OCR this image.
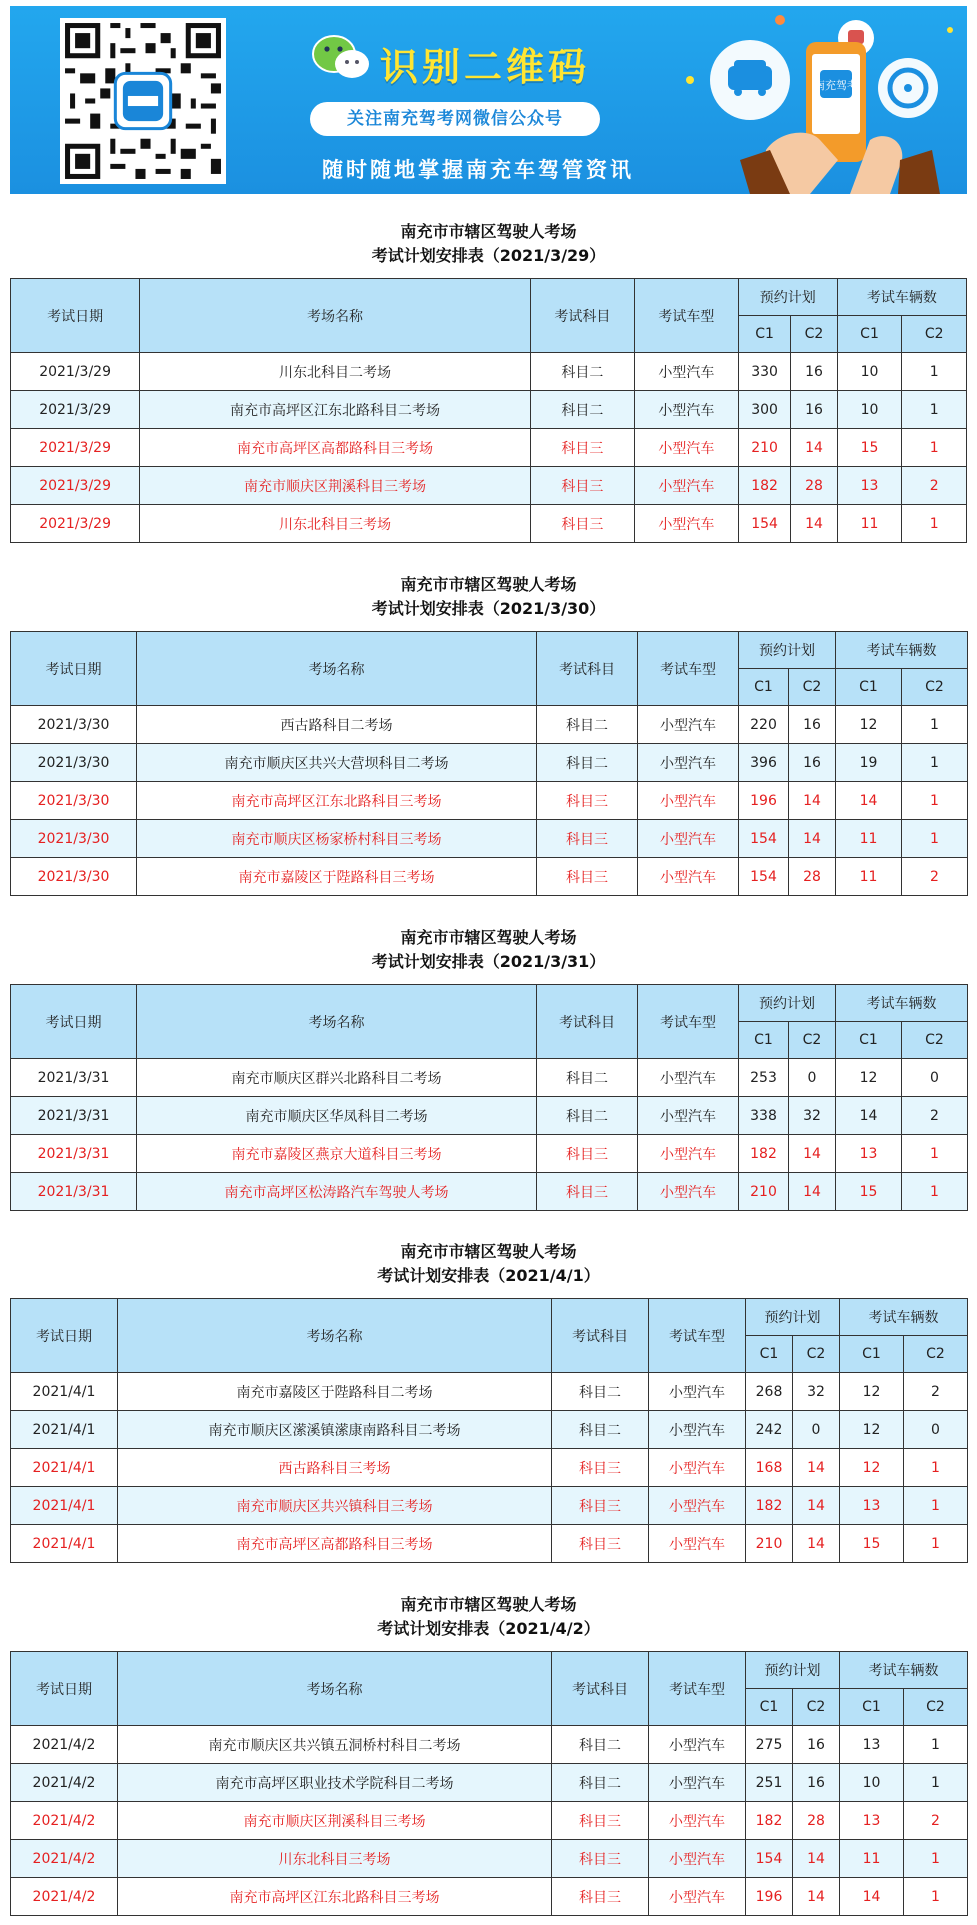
识别二维码
关注南充驾考网微信公众号
随时随地掌握南充车驾管资讯
南充驾考
南充市市辖区驾驶人考场
考试计划安排表（2021/3/29）
考试日期	考场名称	考试科目	考试车型	预约计划		考试车辆数	
				C1	C2	C1	C2
2021/3/29	川东北科目二考场	科目二	小型汽车	330	16	10	1
2021/3/29	南充市高坪区江东北路科目二考场	科目二	小型汽车	300	16	10	1
2021/3/29	南充市高坪区高都路科目三考场	科目三	小型汽车	210	14	15	1
2021/3/29	南充市顺庆区荆溪科目三考场	科目三	小型汽车	182	28	13	2
2021/3/29	川东北科目三考场	科目三	小型汽车	154	14	11	1
南充市市辖区驾驶人考场
考试计划安排表（2021/3/30）
考试日期	考场名称	考试科目	考试车型	预约计划		考试车辆数	
				C1	C2	C1	C2
2021/3/30	西古路科目二考场	科目二	小型汽车	220	16	12	1
2021/3/30	南充市顺庆区共兴大营坝科目二考场	科目二	小型汽车	396	16	19	1
2021/3/30	南充市高坪区江东北路科目三考场	科目三	小型汽车	196	14	14	1
2021/3/30	南充市顺庆区杨家桥村科目三考场	科目三	小型汽车	154	14	11	1
2021/3/30	南充市嘉陵区于陛路科目三考场	科目三	小型汽车	154	28	11	2
南充市市辖区驾驶人考场
考试计划安排表（2021/3/31）
考试日期	考场名称	考试科目	考试车型	预约计划		考试车辆数	
				C1	C2	C1	C2
2021/3/31	南充市顺庆区群兴北路科目二考场	科目二	小型汽车	253	0	12	0
2021/3/31	南充市顺庆区华凤科目二考场	科目二	小型汽车	338	32	14	2
2021/3/31	南充市嘉陵区燕京大道科目三考场	科目三	小型汽车	182	14	13	1
2021/3/31	南充市高坪区松涛路汽车驾驶人考场	科目三	小型汽车	210	14	15	1
南充市市辖区驾驶人考场
考试计划安排表（2021/4/1）
考试日期	考场名称	考试科目	考试车型	预约计划		考试车辆数	
				C1	C2	C1	C2
2021/4/1	南充市嘉陵区于陛路科目二考场	科目二	小型汽车	268	32	12	2
2021/4/1	南充市顺庆区潆溪镇潆康南路科目二考场	科目二	小型汽车	242	0	12	0
2021/4/1	西古路科目三考场	科目三	小型汽车	168	14	12	1
2021/4/1	南充市顺庆区共兴镇科目三考场	科目三	小型汽车	182	14	13	1
2021/4/1	南充市高坪区高都路科目三考场	科目三	小型汽车	210	14	15	1
南充市市辖区驾驶人考场
考试计划安排表（2021/4/2）
考试日期	考场名称	考试科目	考试车型	预约计划		考试车辆数	
				C1	C2	C1	C2
2021/4/2	南充市顺庆区共兴镇五洞桥村科目二考场	科目二	小型汽车	275	16	13	1
2021/4/2	南充市高坪区职业技术学院科目二考场	科目二	小型汽车	251	16	10	1
2021/4/2	南充市顺庆区荆溪科目三考场	科目三	小型汽车	182	28	13	2
2021/4/2	川东北科目三考场	科目三	小型汽车	154	14	11	1
2021/4/2	南充市高坪区江东北路科目三考场	科目三	小型汽车	196	14	14	1
